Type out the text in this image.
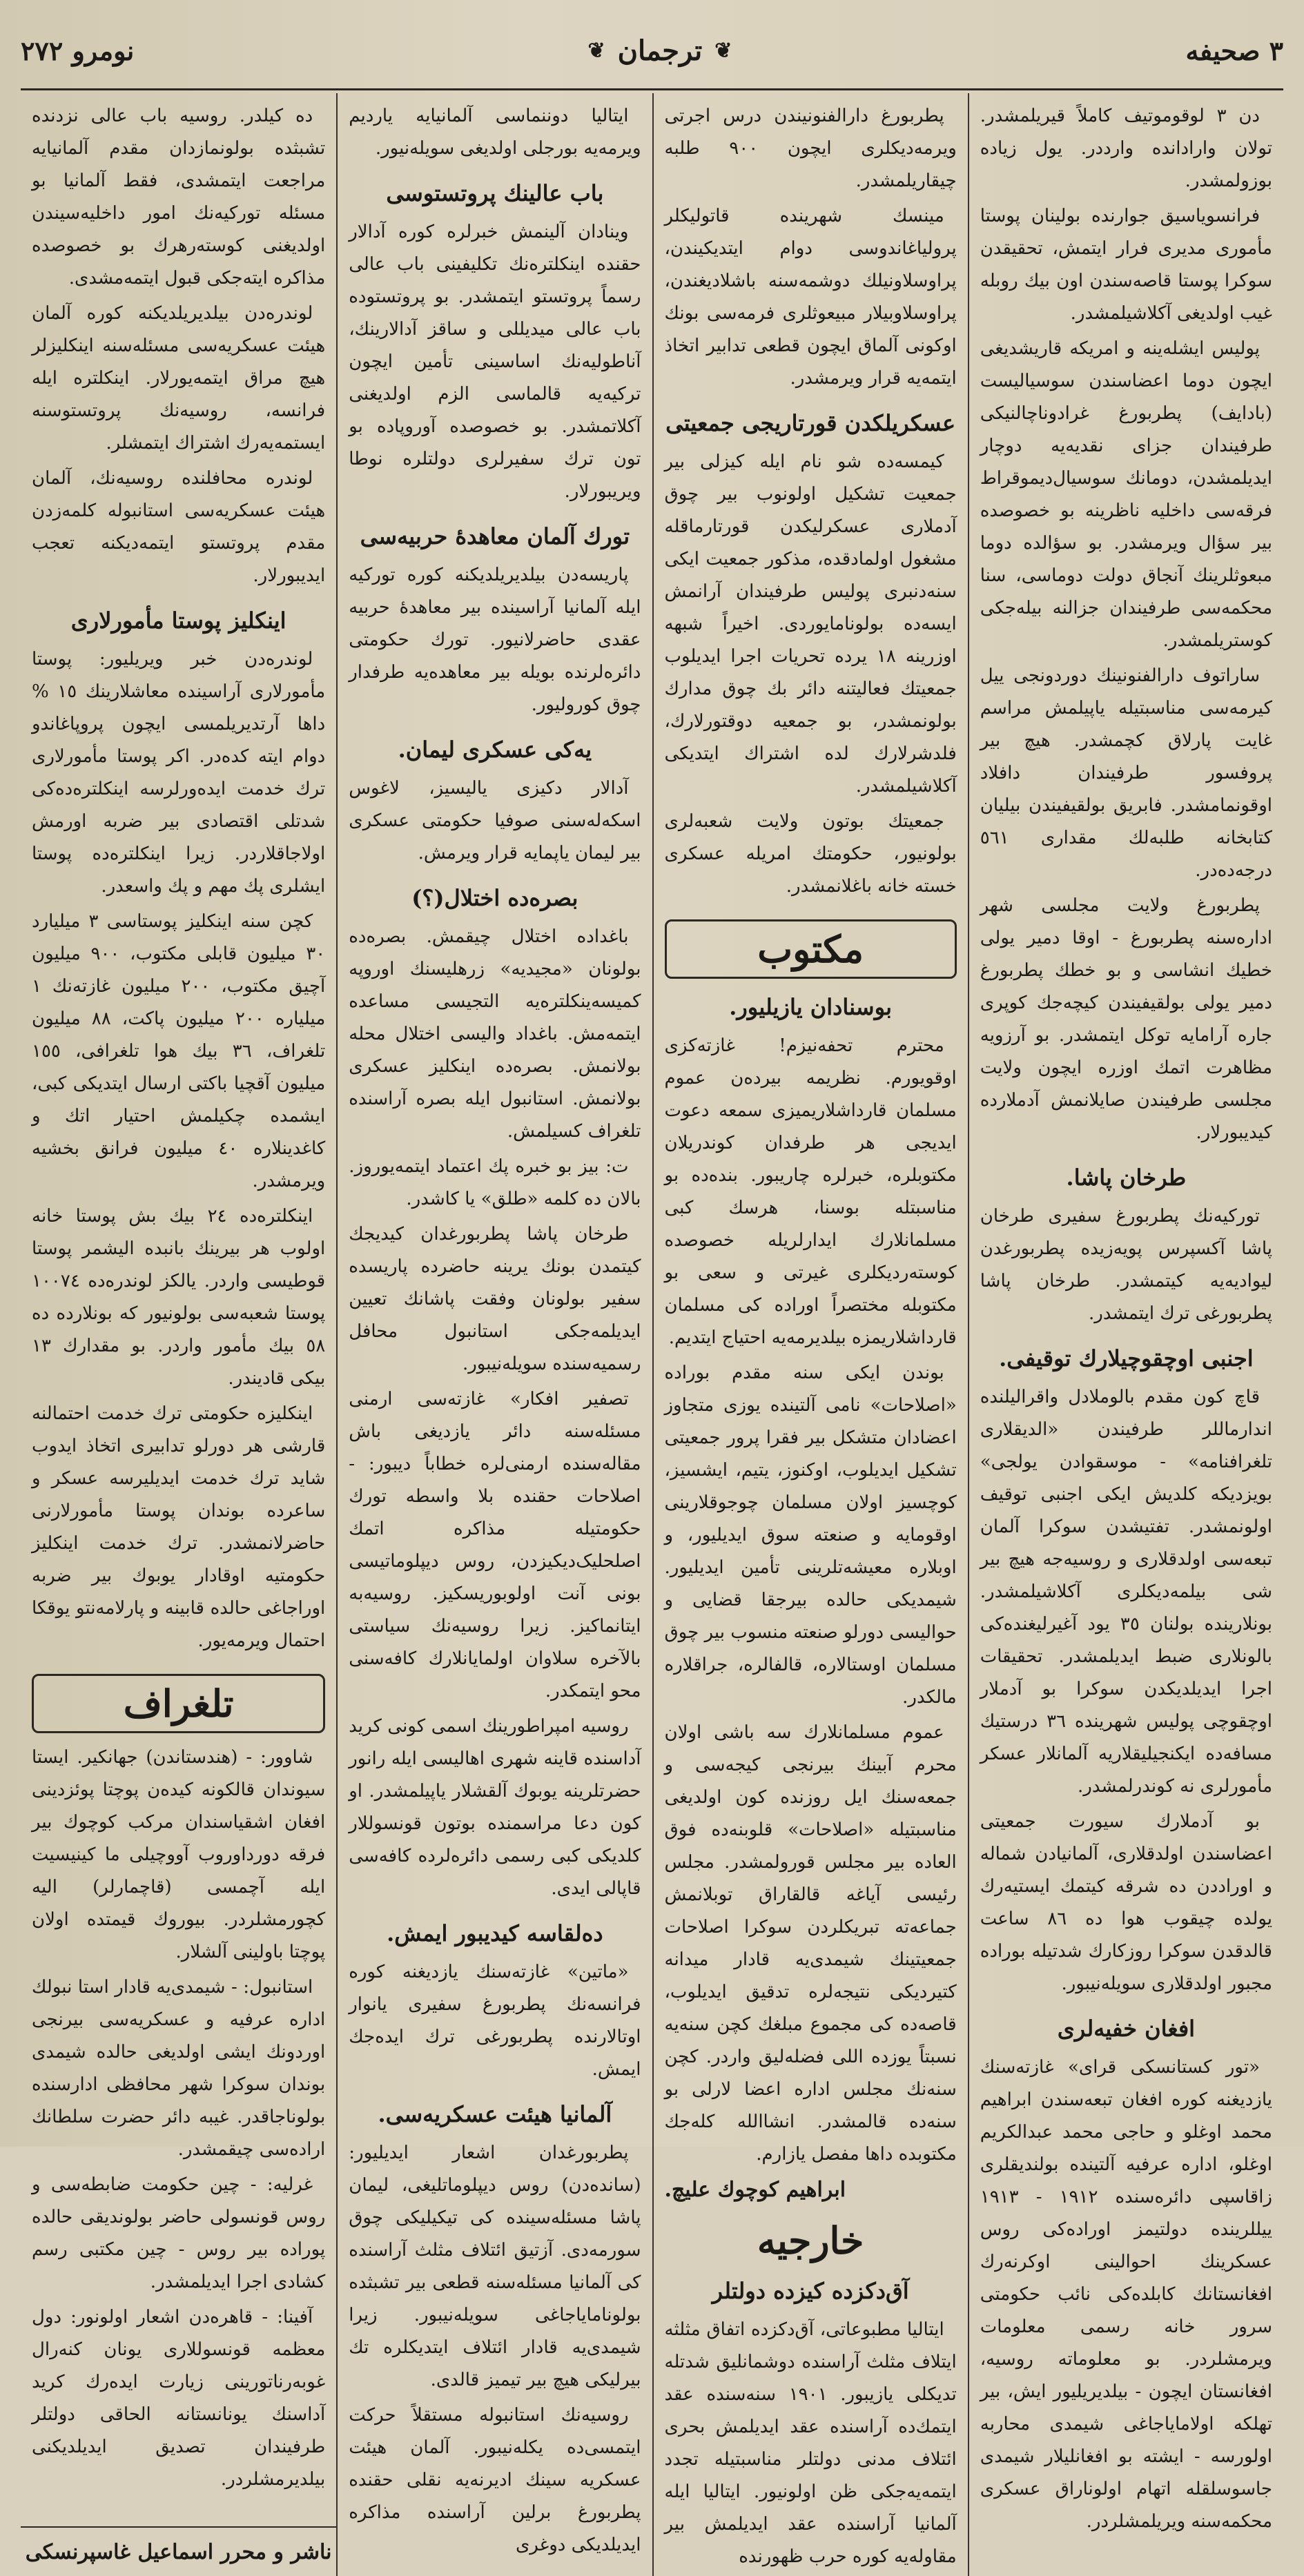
٣ صحیفه
❦
ترجمان
❦
نومرو ٢٧٢

دن ٣ لوقوموتیف کاملاً قیریلمشدر. تولان وارادانده وارددر. یول زیاده بوزولمشدر.

فرانسویاسیق جوارنده بولینان پوستا مأموری مدیری فرار ایتمش، تحقیقدن سوکرا پوستا قاصه‌سندن اون بیك روبله غیب اولدیغی آکلاشیلمشدر.

پولیس ایشله‌ینه و امریکه قاریشدیغی ایچون دوما اعضاسندن سوسیالیست (بادایف) پطربورغ غرادونا‌چالنیکی طرفیندان جزای نقدیه‌یه دوچار ایدیلمشدن، دومانك سوسیال‌دیموقراط فرقه‌سی داخلیه ناظرینه بو خصوصده بیر سؤال ویرمشدر. بو سؤالده دوما مبعوثلرینك آنجاق دولت دوماسی، سنا محکمه‌سی طرفیندان جزالنه بیله‌جکی کوستریلمشدر.

ساراتوف دارالفنونینك دوردونجی ییل کیرمه‌سی مناسبتیله یاپیلمش مراسم غایت پارلاق کچمشدر. هیچ بیر پروفسور طرفیندان دافلاد اوقونمامشدر. فابریق بولقیفیندن بیلیان کتابخانه طلبه‌لك مقداری ٥٦١ درجه‌ده‌در.

پطربورغ ولایت مجلسی شهر اداره‌سنه پطربورغ - اوقا دمیر یولی خطیك انشاسی و بو خطك پطربورغ دمیر یولی بولقیفیندن کیچه‌جك کوپری جاره آرامایه توکل ایتمشدر. بو آرزویه مظاهرت اتمك اوزره ایچون ولایت مجلسی طرفیندن صایلانمش آدملارده کیدیبورلار.

طرخان پاشا.

توركیه‌نك پطربورغ سفیری طرخان پاشا آکسپرس پویه‌زیده پطربورغدن لیوادیه‌یه کیتمشدر. طرخان پاشا پطربورغی ترك ایتمشدر.

اجنبی اوچقوچیلارك توقیفی.

قاچ کون مقدم بالوملادل واقرالیلنده اندارماللر طرفیندن «الدیقلاری تلغرافنامه» - موسقوادن یولجی» بویزدیکه کلدیش ایکی اجنبی توقیف اولونمشدر. تفتیشدن سوکرا آلمان تبعه‌سی اولدقلاری و روسیه‌جه هیچ بیر شی بیلمه‌دیکلری آکلاشیلمشدر. بونلارینده بولنان ٣٥ یود آغیرلیغنده‌کی بالونلاری ضبط ایدیلمشدر. تحقیقات اجرا ایدیلدیکدن سوکرا بو آدملار اوچقوچی پولیس شهرینده ٣٦ درستیك مسافه‌ده ایکنجیلیقلاریه آلمانلار عسکر مأمورلری نه کوندرلمشدر.

بو آدملارك سیورت جمعیتی اعضاسندن اولدقلاری، آلمانیادن شماله و اوراددن ده شرقه کیتمك ایستیه‌رك یولده چیقوب هوا ده ٨٦ ساعت قالدقدن سوکرا روزکارك شدتیله بوراده مجبور اولدقلاری سویله‌نیبور.

افغان خفیه‌لری

«تور کستانسکی قرای» غازته‌سنك یازدیغنه کوره افغان تبعه‌سندن ابراهیم محمد اوغلو و حاجی محمد عبدالکریم اوغلو، اداره عرفیه آلتینده بولندیقلری زاقاسپی دائره‌سنده ١٩١٢ - ١٩١٣ ییللرینده دولتیمز اوراده‌کی روس عسکرینك احوالینی اوکرنه‌رك افغانستانك کابلده‌کی نائب حکومتی سرور خانه رسمی معلومات ویرمشلردر. بو معلوماته روسیه، افغانستان ایچون - بیلدیریلیور ایش، بیر تهلکه اولامایاجاغی شیمدی محاربه اولورسه - ایشته بو افغانلیلار شیمدی جاسوسلقله اتهام اولوناراق عسکری محکمه‌سنه ویریلمشلردر.

پطربورغ دارالفنونیندن درس اجرتی ویرمه‌دیکلری ایچون ٩٠٠ طلبه چیقاریلمشدر.

مینسك شهرینده قاتولیکلر پرولیاغاندوسی دوام ایتدیکیندن، پراوسلاونیلك دوشمه‌سنه باشلادیغندن، پراوسلاوبیلار مبیعوثلری فرمه‌سی بونك اوکونی آلماق ایچون قطعی تدابیر اتخاذ ایتمه‌یه قرار ویرمشدر.

عسکریلکدن قورتاریجی جمعیتی

کیمسه‌ده شو نام ایله کیزلی بیر جمعیت تشکیل اولونوب بیر چوق آدملاری عسکرلیکدن قورتارماقله مشغول اولمادقده، مذکور جمعیت ایکی سنه‌دنبری پولیس طرفیندان آرانمش ایسه‌ده بولونامایوردی. اخیراً شبهه اوزرینه ١٨ یرده تحریات اجرا ایدیلوب جمعیتك فعالیتنه دائر بك چوق مدارك بولونمشدر، بو جمعیه دوقتورلارك، فلدشرلارك لده اشتراك ایتدیکی آکلاشیلمشدر.

جمعیتك بوتون ولایت شعبه‌لری بولونیور، حکومتك امریله عسکری خسته خانه باغلانمشدر.

مکتوب
بوسنادان یازیلیور.

محترم تحفه‌نیزم! غازته‌کزی اوقویورم. نظریمه بیرده‌ن عموم مسلمان قارداشلاریمیزی سمعه دعوت ایدیجی هر طرفدان کوندریلان مکتوبلره، خبرلره چاریبور. بنده‌ده بو مناسبتله بوسنا، هرسك کبی مسلمانلارك ایدارلریله خصوصده کوسته‌ردیکلری غیرتی و سعی بو مکتوبله مختصراً اوراده کی مسلمان قارداشلاریمزه بیلدیرمه‌یه احتیاج ایتدیم.

بوندن ایکی سنه مقدم بوراده «اصلاحات» نامی آلتینده یوزی متجاوز اعضادان متشکل بیر فقرا پرور جمعیتی تشکیل ایدیلوب، اوکنوز، یتیم، ایشسیز، کوچسیز اولان مسلمان چوجوقلارینی اوقومایه و صنعته سوق ایدیلیور، و اوبلاره معیشه‌تلرینی تأمین ایدیلیور. شیمدیکی حالده بیرجقا قضایی و حوالیسی دورلو صنعته منسوب بیر چوق مسلمان اوستالاره، قالفالره، جراقلاره مالکدر.

عموم مسلمانلارك سه باشی اولان محرم آبینك بیرنجی کیجه‌سی و جمعه‌سنك ایل روزنده کون اولدیغی مناسبتیله «اصلاحات» قلوبنه‌ده فوق العاده بیر مجلس قورولمشدر. مجلس رئیسی آیاغه قالقاراق توبلانمش جماعه‌ته تبریکلردن سوکرا اصلاحات جمعیتینك شیمدی‌یه قادار میدانه کتیردیکی نتیجه‌لره تدقیق ایدیلوب، قاصه‌ده کی مجموع مبلغك کچن سنه‌یه نسبتاً یوزده اللی فضله‌لیق واردر. کچن سنه‌نك مجلس اداره اعضا لارلی بو سنه‌ده قالمشدر. انشاالله کله‌جك مکتوبده داها مفصل یازارم.

ابراهیم کوچوك علیچ.
خارجیه
آق‌دکزده کیزده دولتلر

ایتالیا مطبوعاتی، آق‌دکزده اتفاق مثلثه ایتلاف مثلث آراسنده دوشمانلیق شدتله تدیکلی یازیبور. ١٩٠١ سنه‌سنده عقد ایتمك‌ده آراسنده عقد ایدیلمش بحری ائتلاف مدنی دولتلر مناسبتیله تجدد ایتمه‌یه‌جکی ظن اولونیور. ایتالیا ایله آلمانیا آراسنده عقد ایدیلمش بیر مقاوله‌یه کوره حرب ظهورنده

ایتالیا دوننماسی آلمانیایه یاردیم ویرمه‌یه بورجلی اولدیغی سویله‌نیور.

باب عالینك پروتستوسی

وینادان آلینمش خبرلره کوره آدالار حقنده اینکلتره‌نك تکلیفینی باب عالی رسماً پروتستو ایتمشدر. بو پروتستوده باب عالی میدیللی و ساقز آدالارینك، آناطولیه‌نك اساسینی تأمین ایچون ترکیه‌یه قالماسی الزم اولدیغنی آکلاتمشدر. بو خصوصده آوروپاده بو تون ترك سفیرلری دولتلره نوطا ویریبورلار.

تورك آلمان معاهدهٔ حربیه‌سی

پاریسه‌دن بیلدیریلدیکنه کوره تورکیه ایله آلمانیا آراسینده بیر معاهدهٔ حربیه عقدی حاضرلانیور. تورك حکومتی دائره‌لرنده بویله بیر معاهده‌یه طرفدار چوق کورولیور.

یه‌کی عسکری لیمان.

آدالار دکیزی یالیسیز، لاغوس اسکه‌له‌سنی صوفیا حکومتی عسکری بیر لیمان یاپمایه قرار ویرمش.

بصره‌ده اختلال(؟)

باغداده اختلال چیقمش. بصره‌ده بولو‌نان «مجیدیه» زرهلیسنك اوروپه کمیسه‌ینکلتره‌یه التجیسی مساعده ایتمه‌مش. باغداد والیسی اختلال محله بولانمش. بصره‌ده اینکلیز عسکری بولانمش. استانبول ایله بصره آراسنده تلغراف کسیلمش.

ت: بیز بو خبره پك اعتماد ایتمه‌یوروز. بالان ده کلمه «طلق» یا کاشدر.

طرخان پاشا پطربورغدان کیدیجك کیتمدن بونك یرینه حاضرده پاریسده سفیر بولونان وفقت پاشانك تعیین ایدیلمه‌جکی استانبول محافل رسمیه‌سنده سویله‌نیبور.

تصفیر افکار» غازته‌سی ارمنی مسئله‌سنه دائر یازدیغی باش مقاله‌سنده ارمنی‌لره خطاباً دیبور: - اصلاحات حقنده بلا واسطه تورك حکومتیله مذاکره اتمك اصلحلیک‌دیکیزدن، روس دیپلوماتیسی بونی آنت اولوبوریسکیز. روسیه‌به ایتانماکیز. زیرا روسیه‌نك سیاستی بالآخره سلاوان اولمایانلارك کافه‌سنی محو ایتمکدر.

روسیه امپراطورینك اسمی کونی کرید آداسنده قاینه شهری اهالیسی ایله رانور حضرتلرینه یوبوك آلقشلار یاپیلمشدر. او کون دعا مراسمنده بوتون قونسوللار کلدیکی کبی رسمی دائره‌لرده کافه‌سی قاپالی ایدی.

ده‌لقاسه کیدیبور ایمش.

«ماتین» غازته‌سنك یازدیغنه کوره فرانسه‌نك پطربورغ سفیری یانوار اوتالارنده پطربورغی ترك ایده‌جك ایمش.

آلمانیا هیئت عسکریه‌سی.

پطربورغدان اشعار ایدیلیور: (سانده‌دن) روس دیپلوماتلیغی، لیمان پاشا مسئله‌سینده کی تیکیلیکی چوق سورمه‌دی. آزتیق ائتلاف مثلث آراسنده کی آلمانیا مسئله‌سنه قطعی بیر تشبثده بولونامایاجاغی سویله‌نیبور. زیرا شیمدی‌یه قادار ائتلاف ایتدیکلره تك بیرلیکی هیچ بیر تیمیز قالدی.

روسیه‌نك استانبوله مستقلاً حرکت ایتمسی‌ده یکله‌نیبور. آلمان هیئت عسکریه سینك ادیرنه‌یه نقلی حقنده پطربورغ برلین آراسنده مذاکره ایدیلدیکی دوغری

ده کیلدر. روسیه باب عالی نزدنده تشبثده بولونمازدان مقدم آلمانیایه مراجعت ایتمشدی، فقط آلمانیا بو مسئله تورکیه‌نك امور داخلیه‌سیندن اولدیغنی کوسته‌رهرك بو خصوصده مذاکره ایته‌جکی قبول ایتمه‌مشدی.

لوندره‌دن بیلدیریلدیکنه کوره آلمان هیئت عسکریه‌سی مسئله‌سنه اینکلیزلر هیچ مراق ایتمه‌یورلار. اینکلتره ایله فرانسه، روسیه‌نك پروتستوسنه ایستمه‌یه‌رك اشتراك ایتمشلر.

لوندره محافلنده روسیه‌نك، آلمان هیئت عسکریه‌سی استانبوله کلمه‌زدن مقدم پروتستو ایتمه‌دیکنه تعجب ایدیبورلار.

اینکلیز پوستا مأمورلاری

لوندره‌دن خبر ویریلیور: پوستا مأمورلاری آراسینده معاشلارینك ١٥ % داها آرتدیریلمسی ایچون پروپاغاندو دوام ایته کده‌در. اکر پوستا مأمورلاری ترك خدمت ایده‌ورلرسه اینکلتره‌ده‌کی شدتلی اقتصادی بیر ضربه اورمش اولاجاقلاردر. زیرا اینکلتره‌ده پوستا ایشلری پك مهم و پك واسعدر.

کچن سنه اینکلیز پوستاسی ٣ میلیارد ٣٠ میلیون قابلی مکتوب، ٩٠٠ میلیون آچیق مکتوب، ٢٠٠ میلیون غازته‌نك ١ میلیاره ٢٠٠ میلیون پاکت، ٨٨ میلیون تلغراف، ٣٦ بیك هوا تلغرافی، ١٥٥ میلیون آقچیا باکتی ارسال ایتدیکی کبی، ایشمده چکیلمش احتیار اتك و کاغدینلاره ٤٠ میلیون فرانق بخشیه ویرمشدر.

اینکلتره‌ده ٢٤ بیك بش پوستا خانه اولوب هر بیرینك بانبده الیشمر پوستا قوطیسی واردر. یالکز لوندره‌ده ١٠٠٧٤ پوستا شعبه‌سی بولونیور که بونلارده ده ٥٨ بیك مأمور واردر. بو مقدارك ١٣ بیکی قادیندر.

اینکلیزه حکومتی ترك خدمت احتمالنه قارشی هر دورلو تدابیری اتخاذ ایدوب شاید ترك خدمت ایدیلیرسه عسکر و ساعرده بوندان پوستا مأمورلارنی حاضرلانمشدر. ترك خدمت اینکلیز حکومتیه اوقادار یوبوك بیر ضربه اوراجاغی حالده قابینه و پارلامه‌نتو یوقکا احتمال ویرمه‌یور.

تلغراف

شاوور: - (هندستاندن) جهانکیر. ایستا سیوندان قالکونه کیده‌ن پوچتا پوئزدینی افغان اشقیاسندان مرکب کوچوك بیر فرقه دورداوروب آووچیلی ما کینیسیت ایله آچمسی (قاچمارلر) الیه کچورمشلردر. بیوروك قیمتده اولان پوچتا باولینی آلشلار.

استانبول: - شیمدی‌یه قادار استا نبولك اداره عرفیه و عسکریه‌سی بیرنجی اوردونك ایشی اولدیغی حالده شیمدی بوندان سوکرا شهر محافظی ادارسنده بولوناجاقدر. غیبه دائر حضرت سلطانك اراده‌سی چیقمشدر.

غرلیه: - چین حکومت ضابطه‌سی و روس قونسولی حاضر بولوندیقی حالده پوراده بیر روس - چین مکتبی رسم کشادی اجرا ایدیلمشدر.

آفینا: - قاهره‌دن اشعار اولونور: دول معظمه قونسوللاری یونان کنه‌رال غوبه‌رناتورینی زیارت ایده‌رك کرید آداسنك یونانستانه الحاقی دولتلر طرفیندان تصدیق ایدیلدیکنی بیلدیرمشلردر.

ناشر و محرر اسماعیل غاسپرنسکی
